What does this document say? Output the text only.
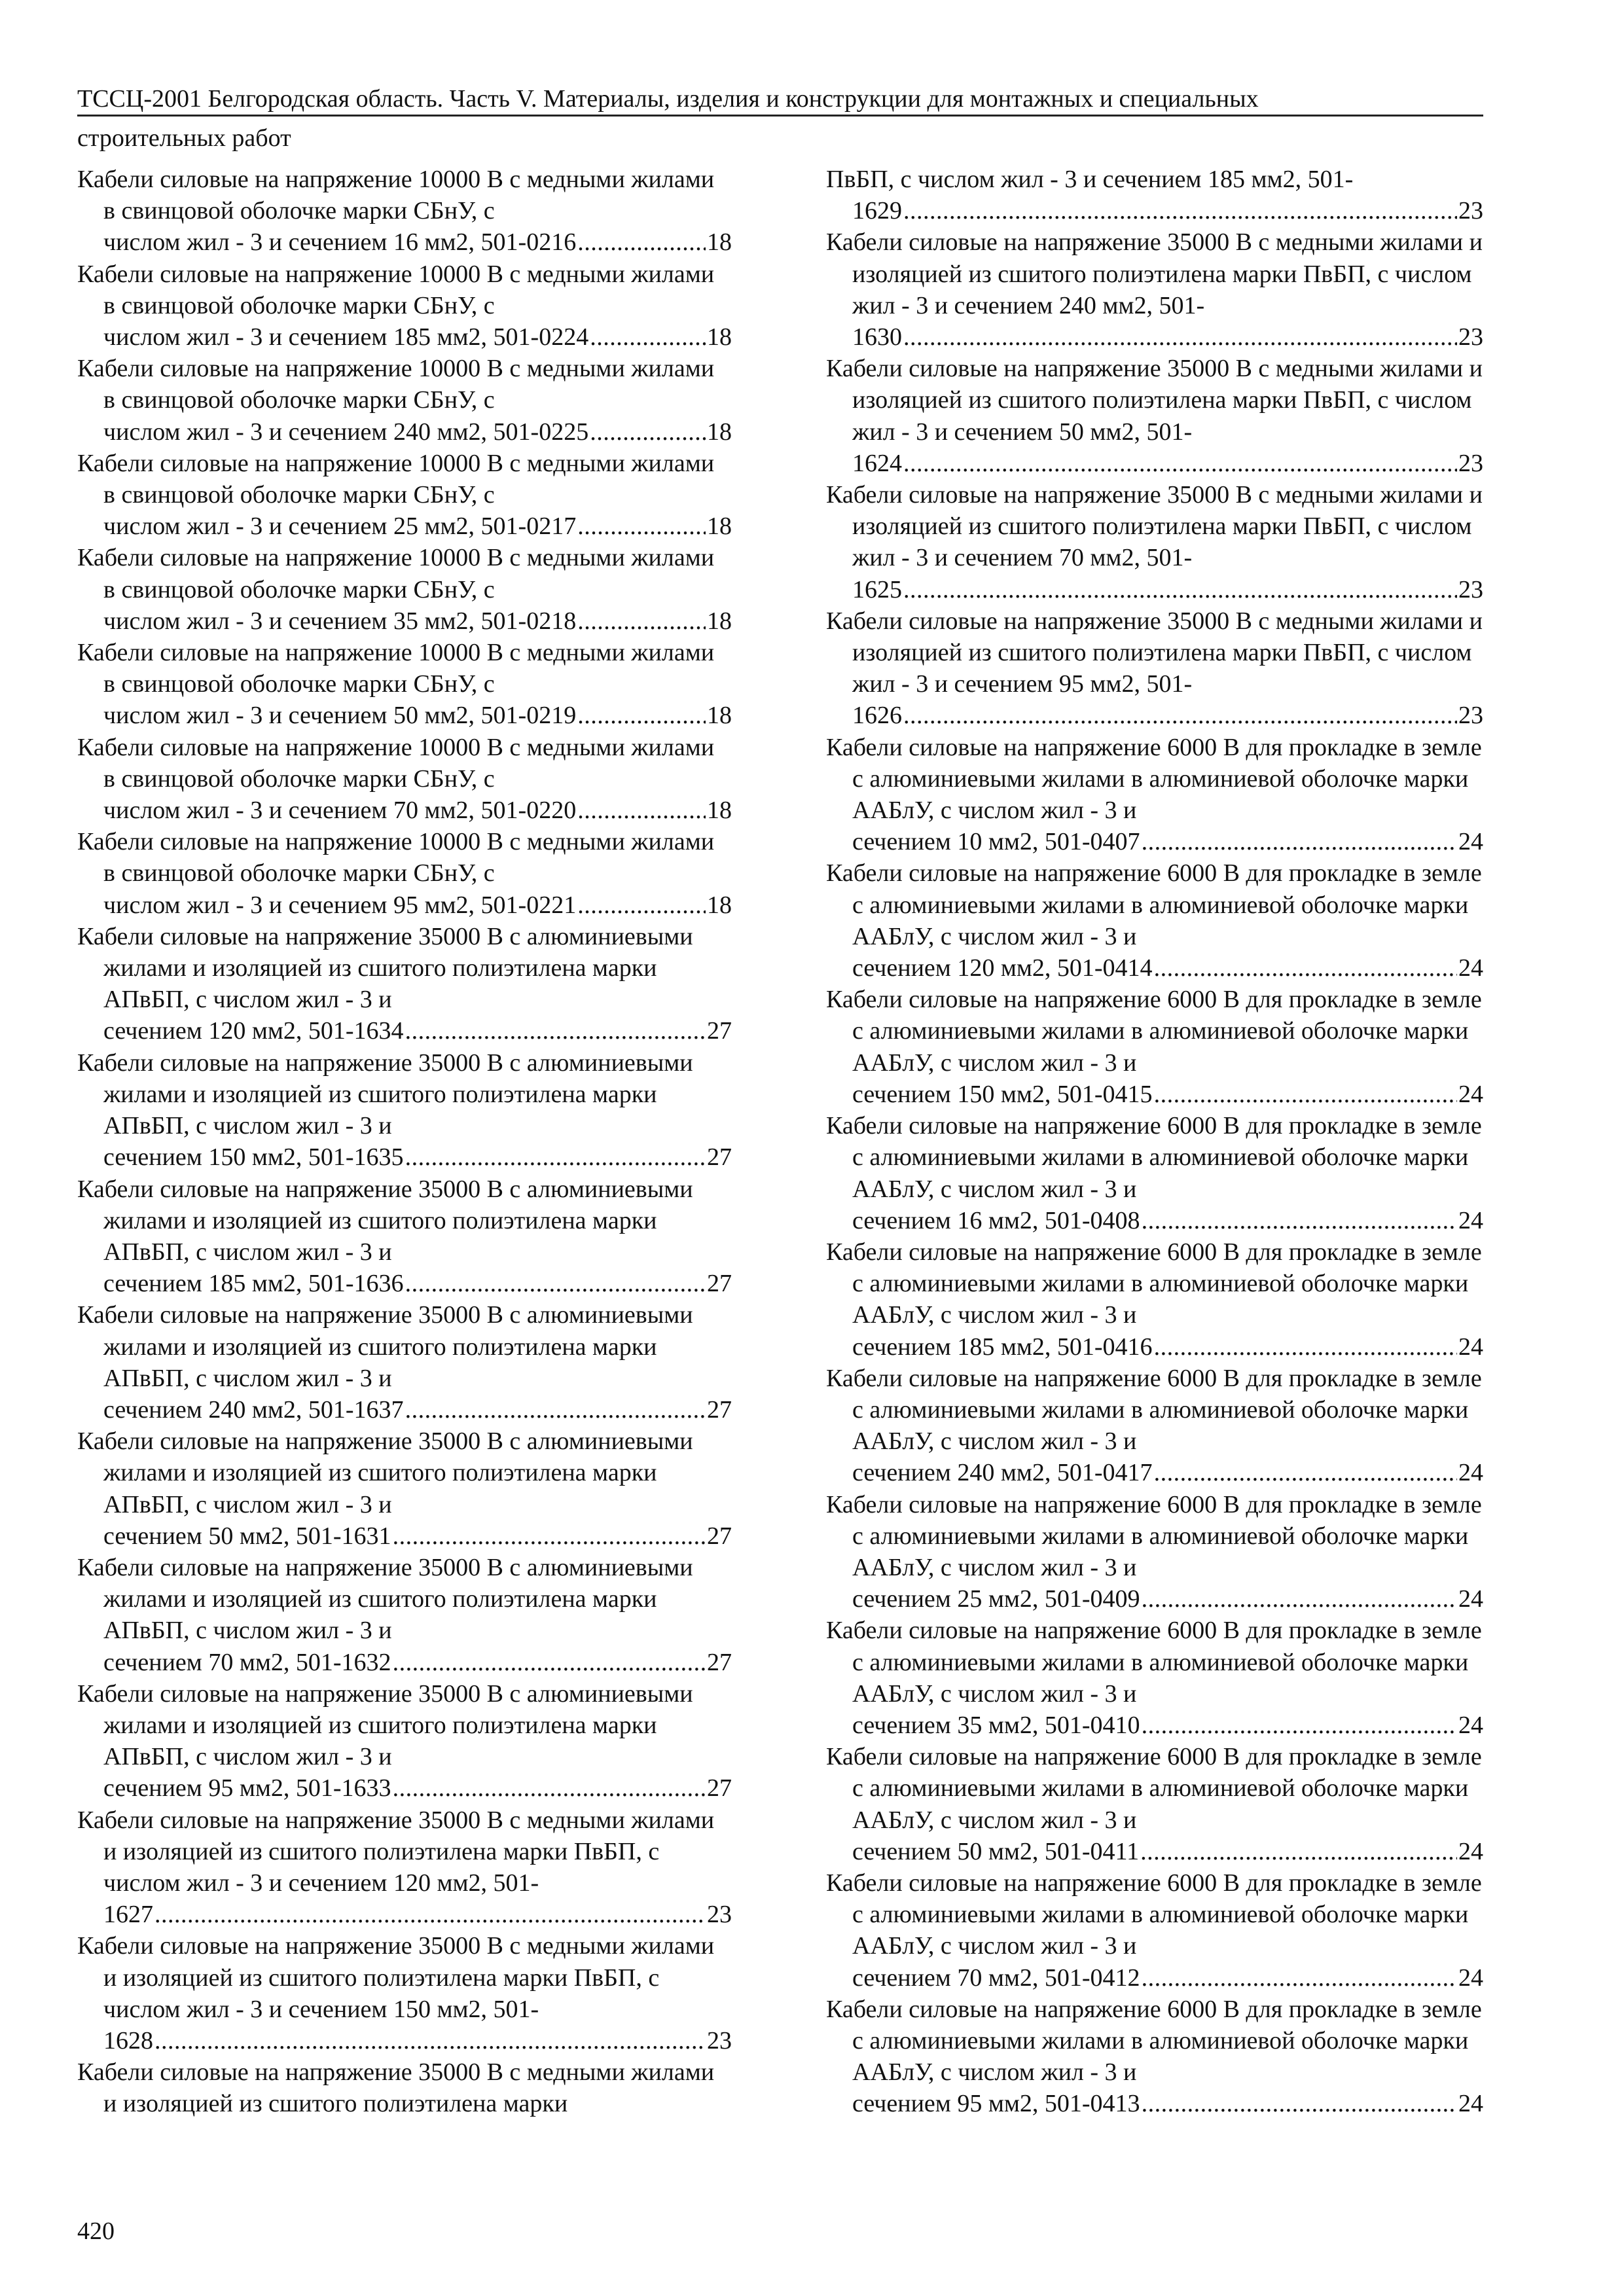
ТССЦ-2001 Белгородская область. Часть V. Материалы, изделия и конструкции для монтажных и специальных
строительных работ
Кабели силовые на напряжение 10000 В с медными жилами в свинцовой оболочке марки СБнУ, с
числом жил - 3 и сечением 16 мм2, 501-0216 .....	18
Кабели силовые на напряжение 10000 В с медными жилами в свинцовой оболочке марки СБнУ, с
числом жил - 3 и сечением 185 мм2, 501-0224 .....	18
Кабели силовые на напряжение 10000 В с медными жилами в свинцовой оболочке марки СБнУ, с
числом жил - 3 и сечением 240 мм2, 501-0225 .....	18
Кабели силовые на напряжение 10000 В с медными жилами в свинцовой оболочке марки СБнУ, с
числом жил - 3 и сечением 25 мм2, 501-0217 .....	18
Кабели силовые на напряжение 10000 В с медными жилами в свинцовой оболочке марки СБнУ, с
числом жил - 3 и сечением 35 мм2, 501-0218 .....	18
Кабели силовые на напряжение 10000 В с медными жилами в свинцовой оболочке марки СБнУ, с
числом жил - 3 и сечением 50 мм2, 501-0219 .....	18
Кабели силовые на напряжение 10000 В с медными жилами в свинцовой оболочке марки СБнУ, с
числом жил - 3 и сечением 70 мм2, 501-0220 .....	18
Кабели силовые на напряжение 10000 В с медными жилами в свинцовой оболочке марки СБнУ, с
числом жил - 3 и сечением 95 мм2, 501-0221 .....	18
Кабели силовые на напряжение 35000 В с алюминиевыми жилами и изоляцией из сшитого полиэтилена марки АПвБП, с числом жил - 3 и
сечением 120 мм2, 501-1634 .....	27
Кабели силовые на напряжение 35000 В с алюминиевыми жилами и изоляцией из сшитого полиэтилена марки АПвБП, с числом жил - 3 и
сечением 150 мм2, 501-1635 .....	27
Кабели силовые на напряжение 35000 В с алюминиевыми жилами и изоляцией из сшитого полиэтилена марки АПвБП, с числом жил - 3 и
сечением 185 мм2, 501-1636 .....	27
Кабели силовые на напряжение 35000 В с алюминиевыми жилами и изоляцией из сшитого полиэтилена марки АПвБП, с числом жил - 3 и
сечением 240 мм2, 501-1637 .....	27
Кабели силовые на напряжение 35000 В с алюминиевыми жилами и изоляцией из сшитого полиэтилена марки АПвБП, с числом жил - 3 и
сечением 50 мм2, 501-1631 .....	27
Кабели силовые на напряжение 35000 В с алюминиевыми жилами и изоляцией из сшитого полиэтилена марки АПвБП, с числом жил - 3 и
сечением 70 мм2, 501-1632 .....	27
Кабели силовые на напряжение 35000 В с алюминиевыми жилами и изоляцией из сшитого полиэтилена марки АПвБП, с числом жил - 3 и
сечением 95 мм2, 501-1633 .....	27
Кабели силовые на напряжение 35000 В с медными жилами и изоляцией из сшитого полиэтилена марки ПвБП, с числом жил - 3 и сечением 120 мм2, 501-
1627 .....	23
Кабели силовые на напряжение 35000 В с медными жилами и изоляцией из сшитого полиэтилена марки ПвБП, с числом жил - 3 и сечением 150 мм2, 501-
1628 .....	23
Кабели силовые на напряжение 35000 В с медными жилами и изоляцией из сшитого полиэтилена марки
ПвБП, с числом жил - 3 и сечением 185 мм2, 501-
1629 .....	23
Кабели силовые на напряжение 35000 В с медными жилами и изоляцией из сшитого полиэтилена марки ПвБП, с числом жил - 3 и сечением 240 мм2, 501-
1630 .....	23
Кабели силовые на напряжение 35000 В с медными жилами и изоляцией из сшитого полиэтилена марки ПвБП, с числом жил - 3 и сечением 50 мм2, 501-
1624 .....	23
Кабели силовые на напряжение 35000 В с медными жилами и изоляцией из сшитого полиэтилена марки ПвБП, с числом жил - 3 и сечением 70 мм2, 501-
1625 .....	23
Кабели силовые на напряжение 35000 В с медными жилами и изоляцией из сшитого полиэтилена марки ПвБП, с числом жил - 3 и сечением 95 мм2, 501-
1626 .....	23
Кабели силовые на напряжение 6000 В для прокладке в земле с алюминиевыми жилами в алюминиевой оболочке марки ААБлУ, с числом жил - 3 и
сечением 10 мм2, 501-0407 .....	24
Кабели силовые на напряжение 6000 В для прокладке в земле с алюминиевыми жилами в алюминиевой оболочке марки ААБлУ, с числом жил - 3 и
сечением 120 мм2, 501-0414 .....	24
Кабели силовые на напряжение 6000 В для прокладке в земле с алюминиевыми жилами в алюминиевой оболочке марки ААБлУ, с числом жил - 3 и
сечением 150 мм2, 501-0415 .....	24
Кабели силовые на напряжение 6000 В для прокладке в земле с алюминиевыми жилами в алюминиевой оболочке марки ААБлУ, с числом жил - 3 и
сечением 16 мм2, 501-0408 .....	24
Кабели силовые на напряжение 6000 В для прокладке в земле с алюминиевыми жилами в алюминиевой оболочке марки ААБлУ, с числом жил - 3 и
сечением 185 мм2, 501-0416 .....	24
Кабели силовые на напряжение 6000 В для прокладке в земле с алюминиевыми жилами в алюминиевой оболочке марки ААБлУ, с числом жил - 3 и
сечением 240 мм2, 501-0417 .....	24
Кабели силовые на напряжение 6000 В для прокладке в земле с алюминиевыми жилами в алюминиевой оболочке марки ААБлУ, с числом жил - 3 и
сечением 25 мм2, 501-0409 .....	24
Кабели силовые на напряжение 6000 В для прокладке в земле с алюминиевыми жилами в алюминиевой оболочке марки ААБлУ, с числом жил - 3 и
сечением 35 мм2, 501-0410 .....	24
Кабели силовые на напряжение 6000 В для прокладке в земле с алюминиевыми жилами в алюминиевой оболочке марки ААБлУ, с числом жил - 3 и
сечением 50 мм2, 501-0411 .....	24
Кабели силовые на напряжение 6000 В для прокладке в земле с алюминиевыми жилами в алюминиевой оболочке марки ААБлУ, с числом жил - 3 и
сечением 70 мм2, 501-0412 .....	24
Кабели силовые на напряжение 6000 В для прокладке в земле с алюминиевыми жилами в алюминиевой оболочке марки ААБлУ, с числом жил - 3 и
сечением 95 мм2, 501-0413 .....	24
420
